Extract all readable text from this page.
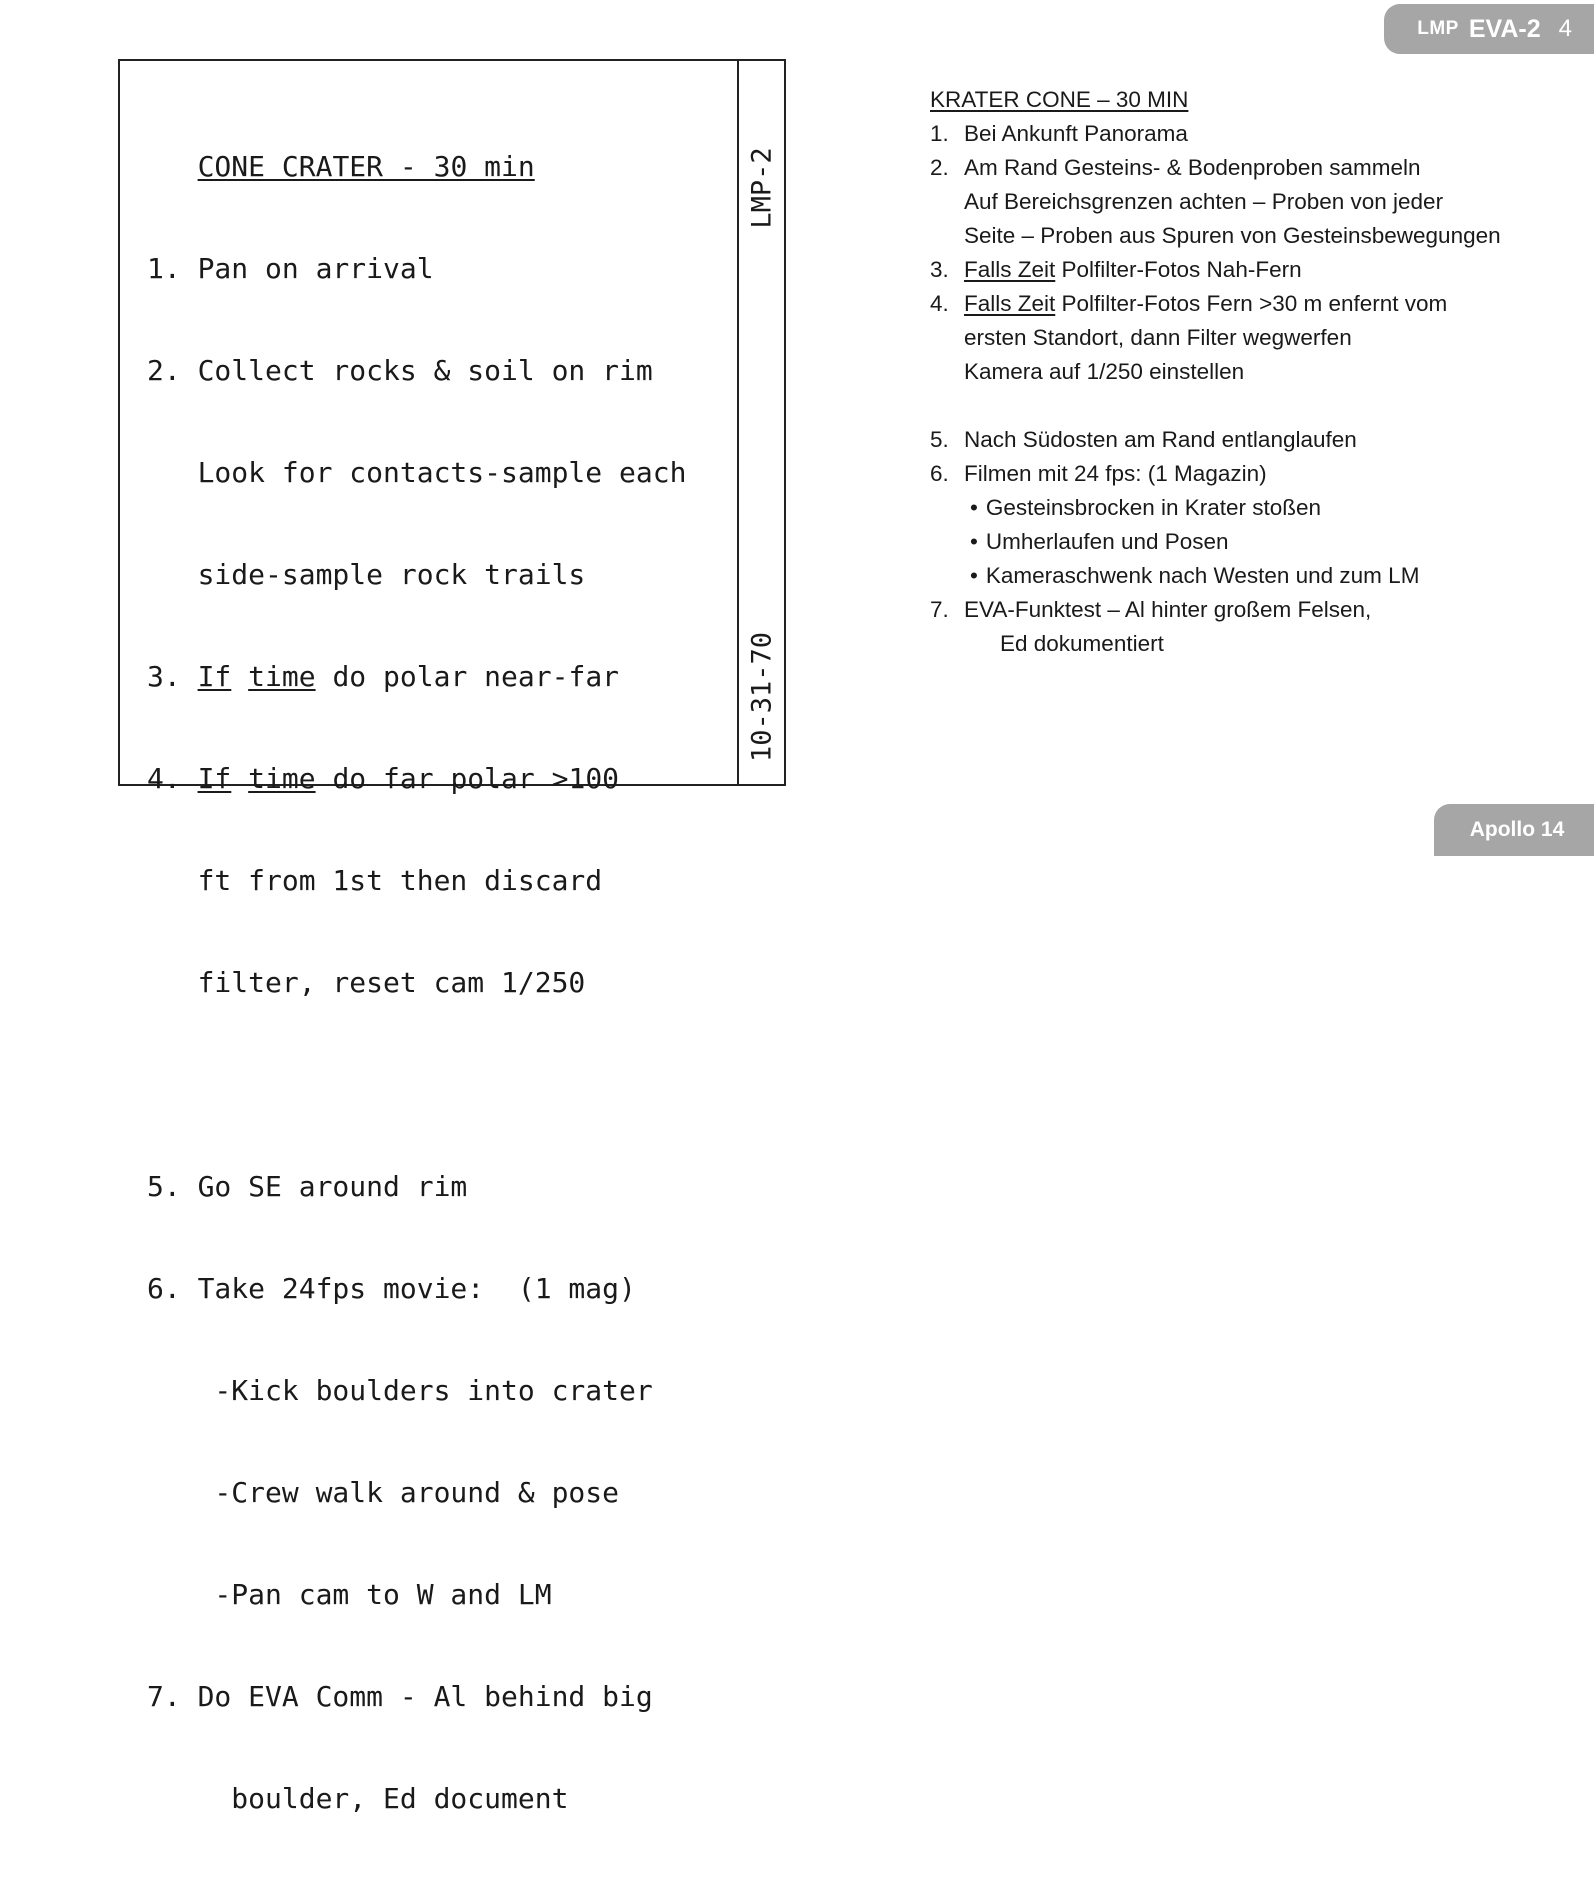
LMP EVA-2 4

CONE CRATER - 30 min

1. Pan on arrival

2. Collect rocks & soil on rim

Look for contacts-sample each

side-sample rock trails

3. If time do polar near-far

4. If time do far polar >100

ft from 1st then discard

filter, reset cam 1/250

5. Go SE around rim

6. Take 24fps movie:  (1 mag)

-Kick boulders into crater

-Crew walk around & pose

-Pan cam to W and LM

7. Do EVA Comm - Al behind big

boulder, Ed document

LMP-2
10-31-70
KRATER CONE – 30 MIN
1. Bei Ankunft Panorama
2. Am Rand Gesteins- & Bodenproben sammeln
Auf Bereichsgrenzen achten – Proben von jeder
Seite – Proben aus Spuren von Gesteinsbewegungen
3. Falls Zeit Polfilter-Fotos Nah-Fern
4. Falls Zeit Polfilter-Fotos Fern >30 m enfernt vom
ersten Standort, dann Filter wegwerfen
Kamera auf 1/250 einstellen
5. Nach Südosten am Rand entlanglaufen
6. Filmen mit 24 fps: (1 Magazin)
• Gesteinsbrocken in Krater stoßen
• Umherlaufen und Posen
• Kameraschwenk nach Westen und zum LM
7. EVA-Funktest – Al hinter großem Felsen,
Ed dokumentiert
Apollo 14
